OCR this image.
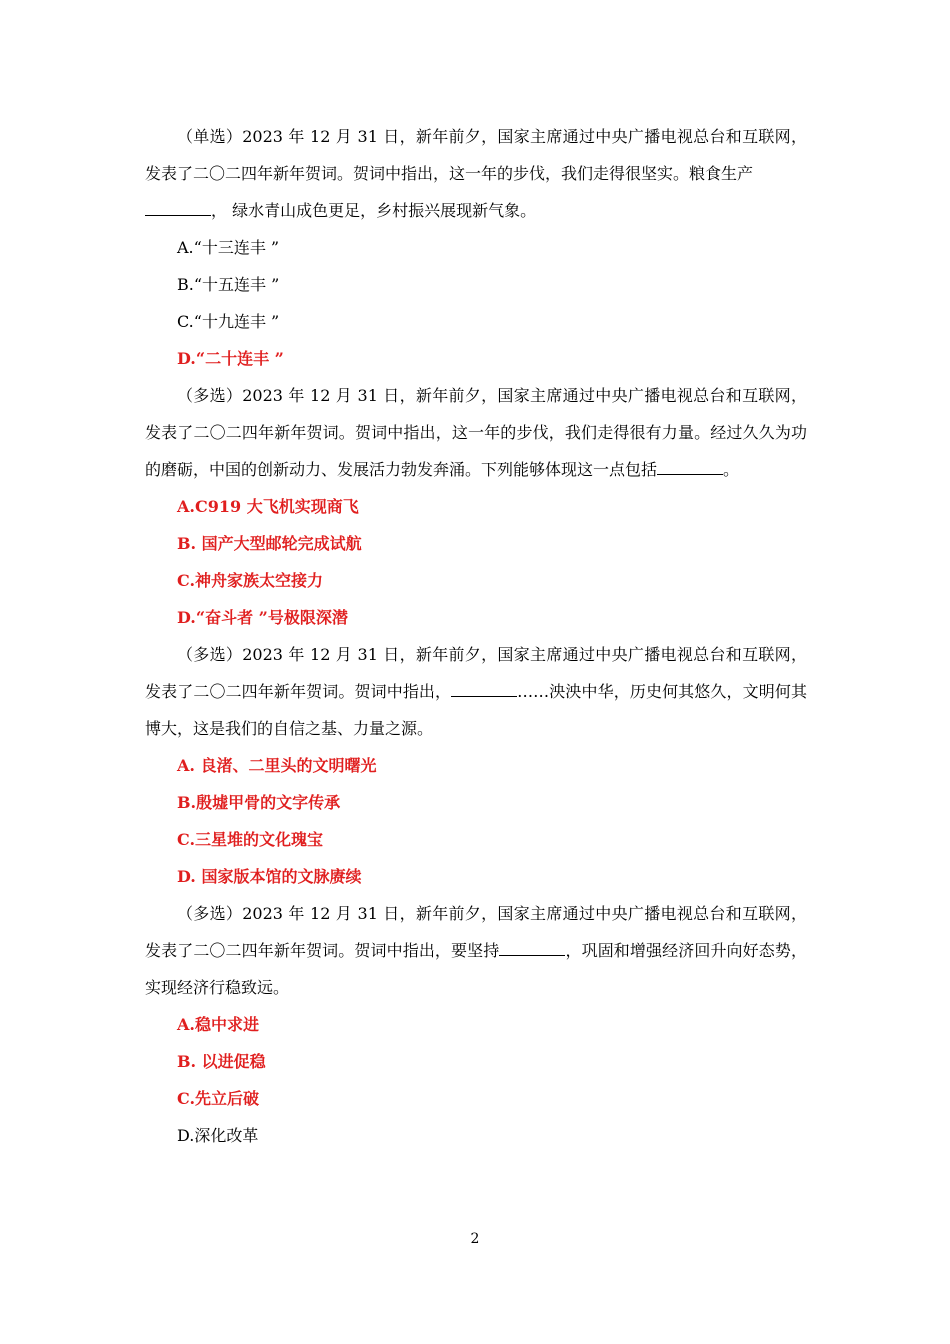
（单选）2023 年 12 月 31 日，新年前夕，国家主席通过中央广播电视总台和互联网，发表了二〇二四年新年贺词。贺词中指出，这一年的步伐，我们走得很坚实。粮食生产
， 绿水青山成色更足，乡村振兴展现新气象。

A.“十三连丰 ”

B.“十五连丰 ”

C.“十九连丰 ”

D.“二十连丰 ”

（多选）2023 年 12 月 31 日，新年前夕，国家主席通过中央广播电视总台和互联网，发表了二〇二四年新年贺词。贺词中指出，这一年的步伐，我们走得很有力量。经过久久为功的磨砺，中国的创新动力、发展活力勃发奔涌。下列能够体现这一点包括	。

A.C919 大飞机实现商飞

B. 国产大型邮轮完成试航

C.神舟家族太空接力

D.“奋斗者 ”号极限深潜

（多选）2023 年 12 月 31 日，新年前夕，国家主席通过中央广播电视总台和互联网，发表了二〇二四年新年贺词。贺词中指出，	……泱泱中华，历史何其悠久，文明何其博大，这是我们的自信之基、力量之源。

A. 良渚、二里头的文明曙光

B.殷墟甲骨的文字传承

C.三星堆的文化瑰宝

D. 国家版本馆的文脉赓续

（多选）2023 年 12 月 31 日，新年前夕，国家主席通过中央广播电视总台和互联网，发表了二〇二四年新年贺词。贺词中指出，要坚持	，巩固和增强经济回升向好态势，实现经济行稳致远。

A.稳中求进

B. 以进促稳

C.先立后破

D.深化改革

2
